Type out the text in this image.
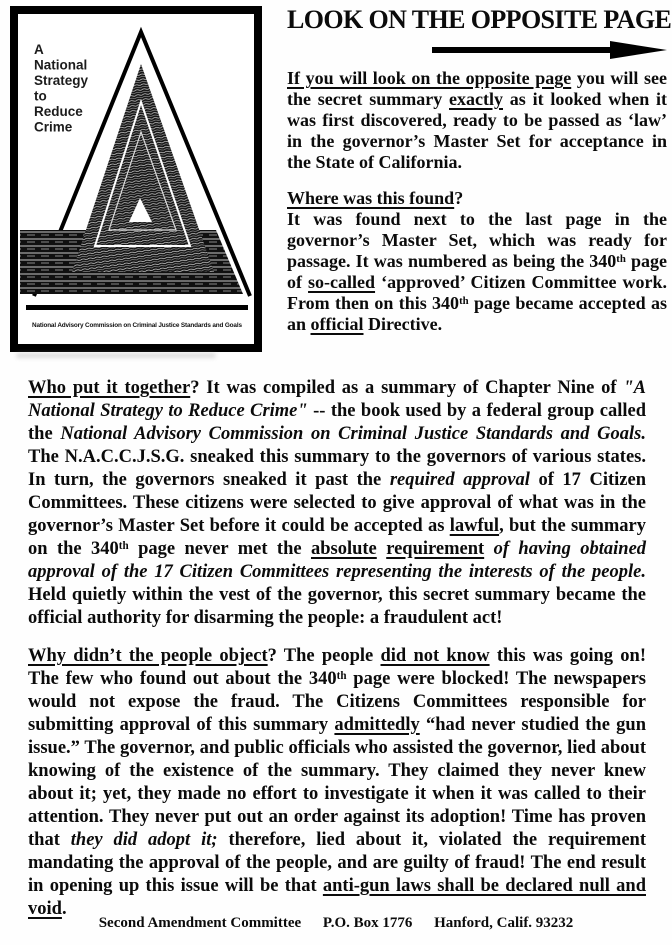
A
National
Strategy
to
Reduce
Crime
National Advisory Commission on Criminal Justice Standards and Goals
LOOK ON THE OPPOSITE PAGE

If you will look on the opposite page you will see the secret summary exactly as it looked when it was first discovered, ready to be passed as ‘law’ in the governor’s Master Set for acceptance in the State of California.

Where was this found?

It was found next to the last page in the governor’s Master Set, which was ready for passage. It was numbered as being the 340th page of so-called ‘approved’ Citizen Committee work. From then on this 340th page became accepted as an official Directive.

Who put it together? It was compiled as a summary of Chapter Nine of "A National Strategy to Reduce Crime" -- the book used by a federal group called the National Advisory Commission on Criminal Justice Standards and Goals. The N.A.C.C.J.S.G. sneaked this summary to the governors of various states. In turn, the governors sneaked it past the required approval of 17 Citizen Committees. These citizens were selected to give approval of what was in the governor’s Master Set before it could be accepted as lawful, but the summary on the 340th page never met the absolute requirement of having obtained approval of the 17 Citizen Committees representing the interests of the people. Held quietly within the vest of the governor, this secret summary became the official authority for disarming the people: a fraudulent act!

Why didn’t the people object? The people did not know this was going on! The few who found out about the 340th page were blocked! The newspapers would not expose the fraud. The Citizens Committees responsible for submitting approval of this summary admittedly “had never studied the gun issue.” The governor, and public officials who assisted the governor, lied about knowing of the existence of the summary. They claimed they never knew about it; yet, they made no effort to investigate it when it was called to their attention. They never put out an order against its adoption! Time has proven that they did adopt it; therefore, lied about it, violated the requirement mandating the approval of the people, and are guilty of fraud! The end result in opening up this issue will be that anti-gun laws shall be declared null and void.

Second Amendment Committee P.O. Box 1776 Hanford, Calif. 93232
